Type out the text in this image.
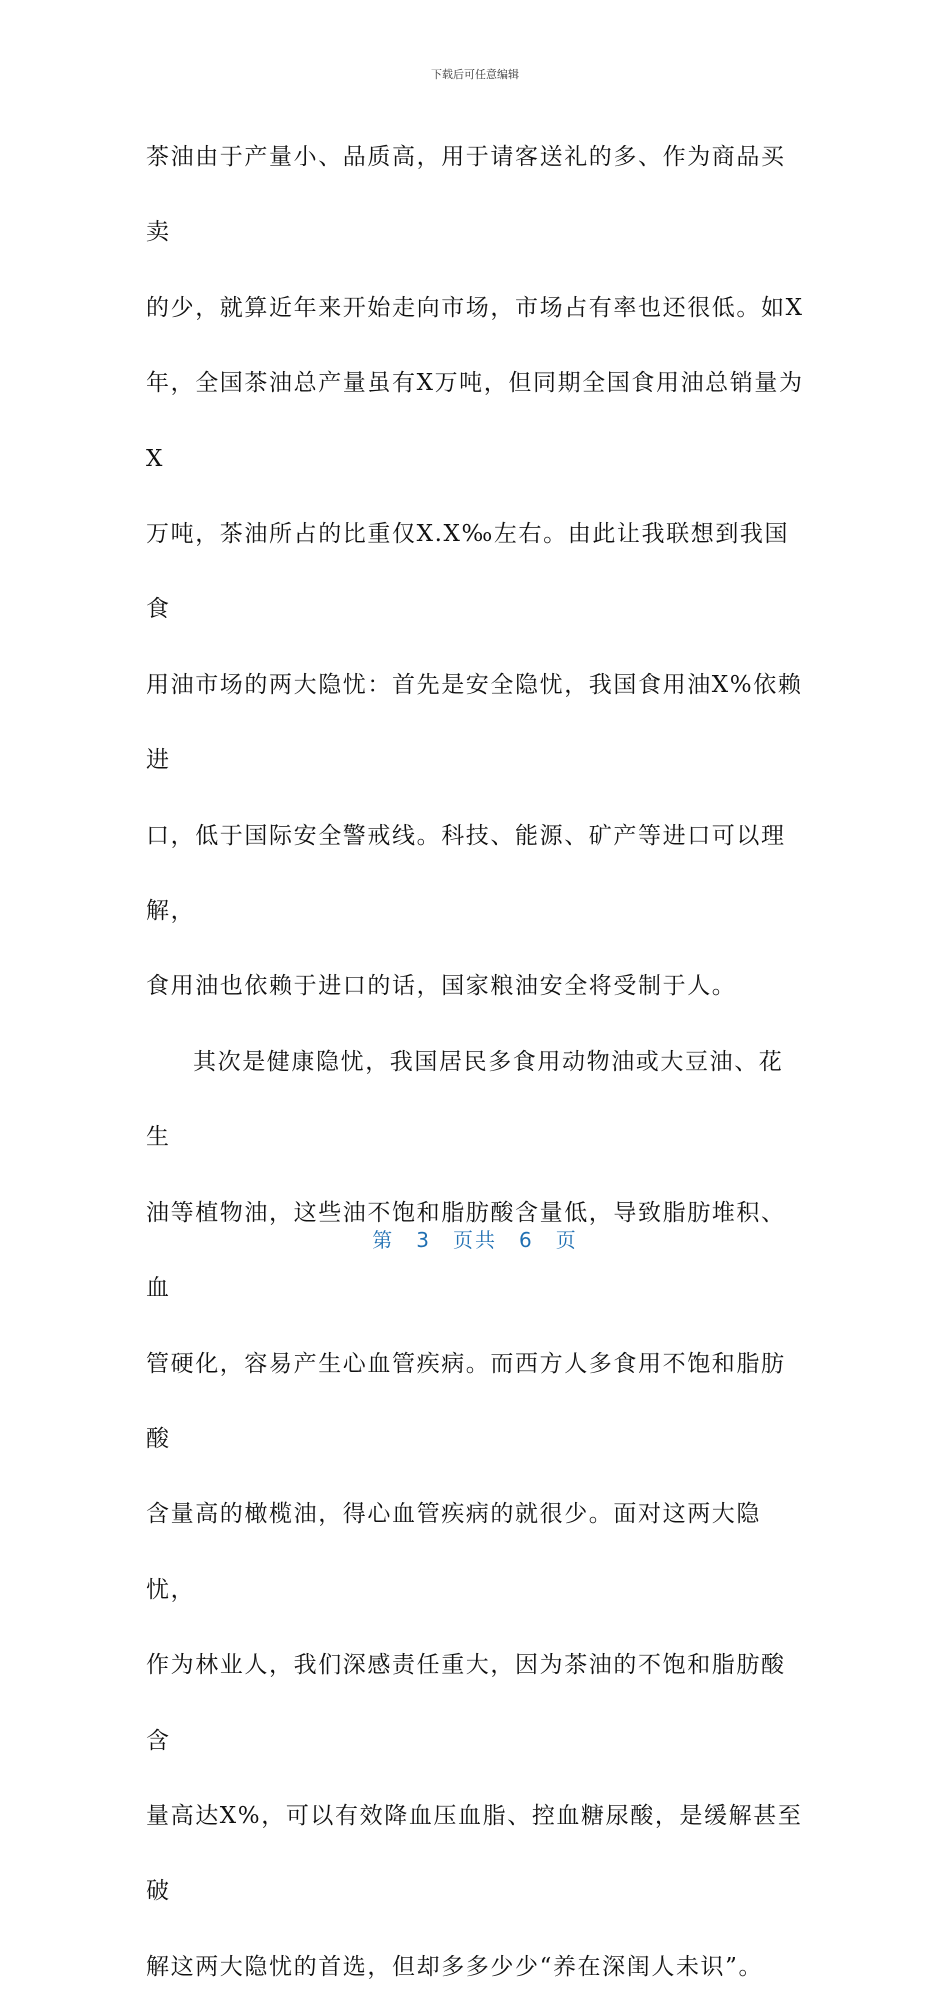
下载后可任意编辑

茶油由于产量小、品质高，用于请客送礼的多、作为商品买卖

的少，就算近年来开始走向市场，市场占有率也还很低。如X

年，全国茶油总产量虽有X万吨，但同期全国食用油总销量为X

万吨，茶油所占的比重仅X.X‰左右。由此让我联想到我国食

用油市场的两大隐忧：首先是安全隐忧，我国食用油X%依赖进

口，低于国际安全警戒线。科技、能源、矿产等进口可以理解，

食用油也依赖于进口的话，国家粮油安全将受制于人。

其次是健康隐忧，我国居民多食用动物油或大豆油、花生

油等植物油，这些油不饱和脂肪酸含量低，导致脂肪堆积、血

管硬化，容易产生心血管疾病。而西方人多食用不饱和脂肪酸

含量高的橄榄油，得心血管疾病的就很少。面对这两大隐忧，

作为林业人，我们深感责任重大，因为茶油的不饱和脂肪酸含

量高达X%，可以有效降血压血脂、控血糖尿酸，是缓解甚至破

解这两大隐忧的首选，但却多多少少“养在深闺人未识”。

第 3 页共 6 页
